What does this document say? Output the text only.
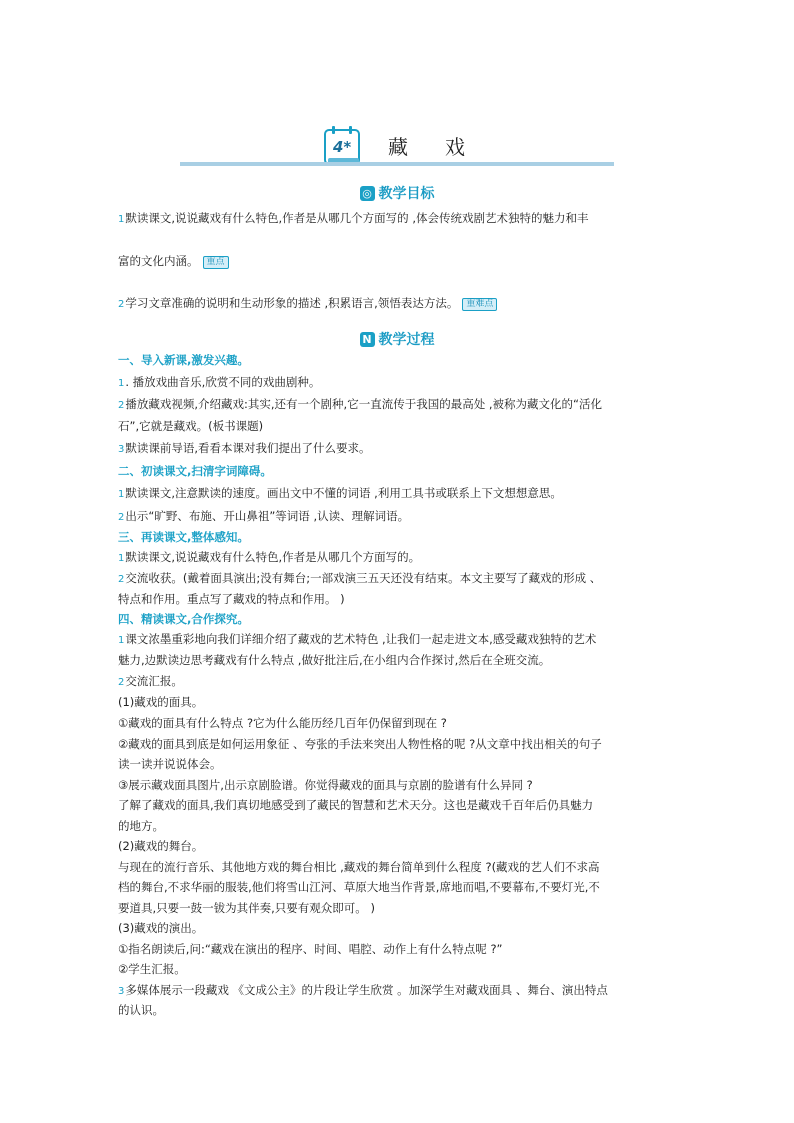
4* 藏 戏
◎ 教学目标
1默读课文,说说藏戏有什么特色,作者是从哪几个方面写的 ,体会传统戏剧艺术独特的魅力和丰
富的文化内涵。 重点
2学习文章准确的说明和生动形象的描述 ,积累语言,领悟表达方法。 重难点
N 教学过程
一、导入新课,激发兴趣。
1. 播放戏曲音乐,欣赏不同的戏曲剧种。
2播放藏戏视频,介绍藏戏:其实,还有一个剧种,它一直流传于我国的最高处 ,被称为藏文化的“活化
石”,它就是藏戏。(板书课题)
3默读课前导语,看看本课对我们提出了什么要求。
二、初读课文,扫清字词障碍。
1默读课文,注意默读的速度。画出文中不懂的词语 ,利用工具书或联系上下文想想意思。
2出示“旷野、布施、开山鼻祖”等词语 ,认读、理解词语。
三、再读课文,整体感知。
1默读课文,说说藏戏有什么特色,作者是从哪几个方面写的。
2交流收获。(戴着面具演出;没有舞台;一部戏演三五天还没有结束。本文主要写了藏戏的形成 、
特点和作用。重点写了藏戏的特点和作用。 )
四、精读课文,合作探究。
1课文浓墨重彩地向我们详细介绍了藏戏的艺术特色 ,让我们一起走进文本,感受藏戏独特的艺术
魅力,边默读边思考藏戏有什么特点 ,做好批注后,在小组内合作探讨,然后在全班交流。
2交流汇报。
(1)藏戏的面具。
①藏戏的面具有什么特点 ?它为什么能历经几百年仍保留到现在 ?
②藏戏的面具到底是如何运用象征 、夸张的手法来突出人物性格的呢 ?从文章中找出相关的句子
读一读并说说体会。
③展示藏戏面具图片,出示京剧脸谱。你觉得藏戏的面具与京剧的脸谱有什么异同 ?
了解了藏戏的面具,我们真切地感受到了藏民的智慧和艺术天分。这也是藏戏千百年后仍具魅力
的地方。
(2)藏戏的舞台。
与现在的流行音乐、其他地方戏的舞台相比 ,藏戏的舞台简单到什么程度 ?(藏戏的艺人们不求高
档的舞台,不求华丽的服装,他们将雪山江河、草原大地当作背景,席地而唱,不要幕布,不要灯光,不
要道具,只要一鼓一钹为其伴奏,只要有观众即可。 )
(3)藏戏的演出。
①指名朗读后,问:“藏戏在演出的程序、时间、唱腔、动作上有什么特点呢 ?”
②学生汇报。
3多媒体展示一段藏戏 《文成公主》的片段让学生欣赏 。加深学生对藏戏面具 、舞台、演出特点
的认识。
